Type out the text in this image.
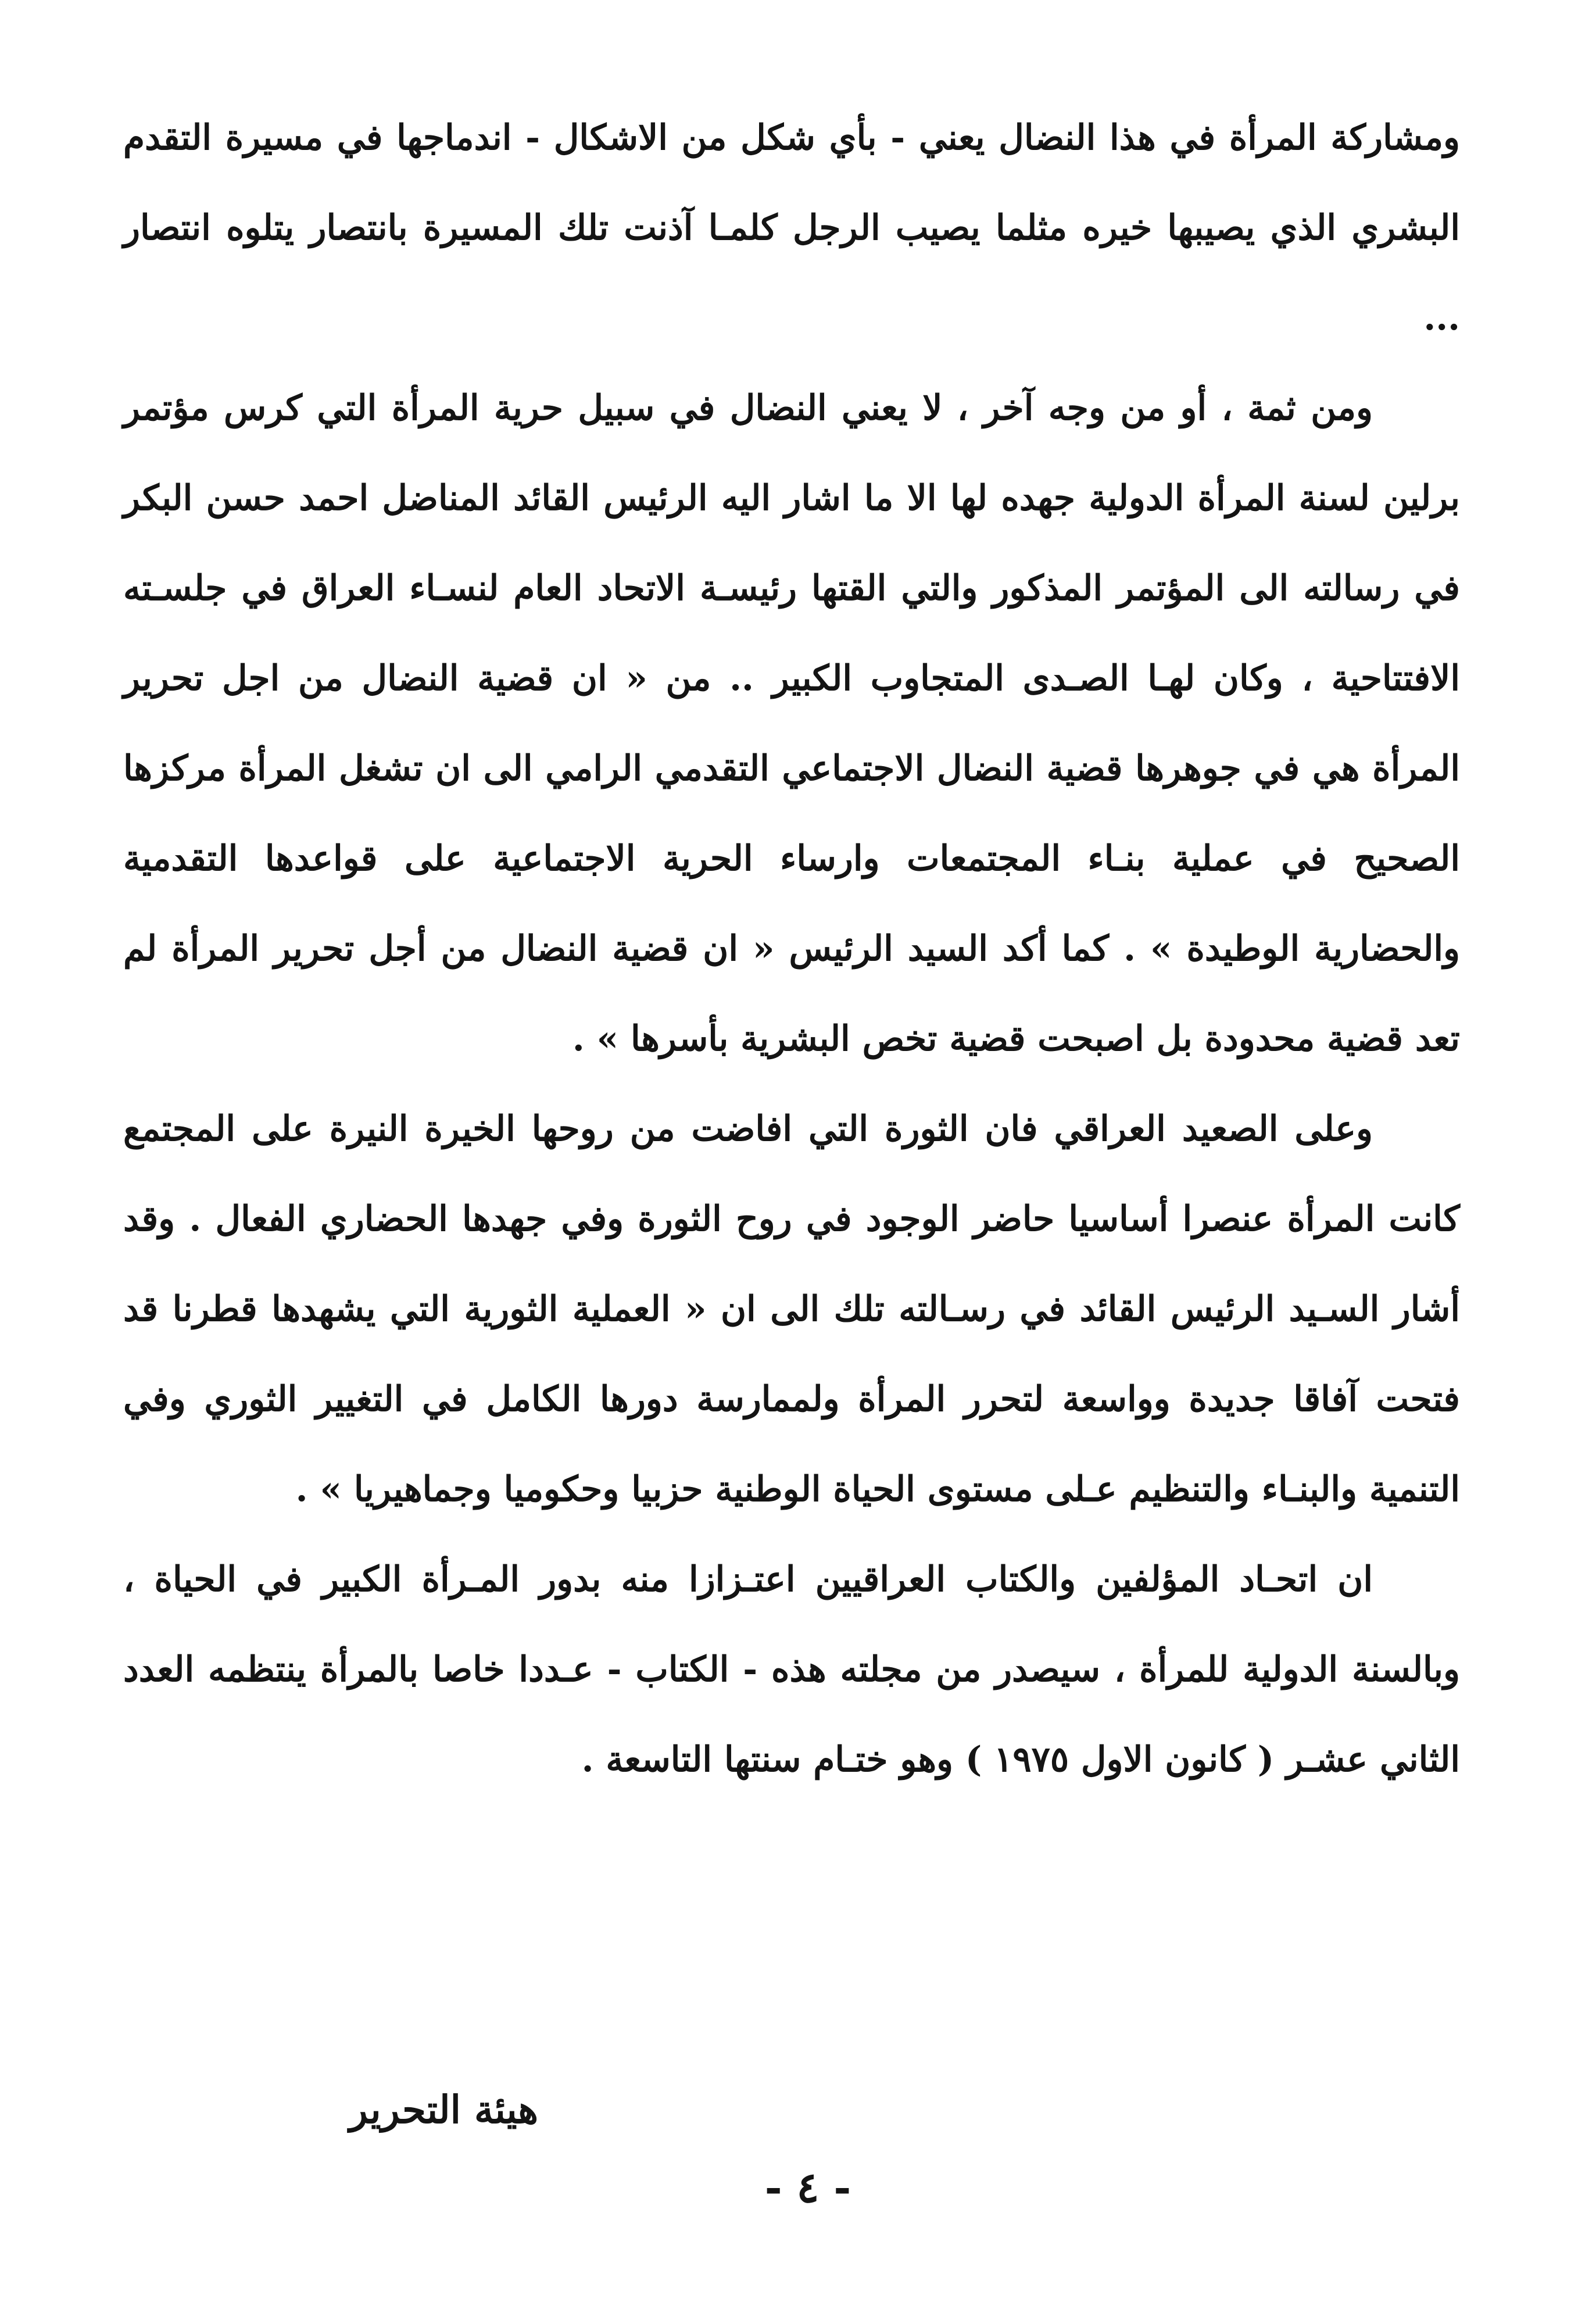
ومشاركة المرأة في هذا النضال يعني - بأي شكل من الاشكال - اندماجها في مسيرة التقدم البشري الذي يصيبها خيره مثلما يصيب الرجل كلمـا آذنت تلك المسيرة بانتصار يتلوه انتصار ...

ومن ثمة ، أو من وجه آخر ، لا يعني النضال في سبيل حرية المرأة التي كرس مؤتمر برلين لسنة المرأة الدولية جهده لها الا ما اشار اليه الرئيس القائد المناضل احمد حسن البكر في رسالته الى المؤتمر المذكور والتي القتها رئيسـة الاتحاد العام لنسـاء العراق في جلسـته الافتتاحية ، وكان لهـا الصـدى المتجاوب الكبير .. من « ان قضية النضال من اجل تحرير المرأة هي في جوهرها قضية النضال الاجتماعي التقدمي الرامي الى ان تشغل المرأة مركزها الصحيح في عملية بنـاء المجتمعات وارساء الحرية الاجتماعية على قواعدها التقدمية والحضارية الوطيدة » . كما أكد السيد الرئيس « ان قضية النضال من أجل تحرير المرأة لم تعد قضية محدودة بل اصبحت قضية تخص البشرية بأسرها » .

وعلى الصعيد العراقي فان الثورة التي افاضت من روحها الخيرة النيرة على المجتمع كانت المرأة عنصرا أساسيا حاضر الوجود في روح الثورة وفي جهدها الحضاري الفعال . وقد أشار السـيد الرئيس القائد في رسـالته تلك الى ان « العملية الثورية التي يشهدها قطرنا قد فتحت آفاقا جديدة وواسعة لتحرر المرأة ولممارسة دورها الكامل في التغيير الثوري وفي التنمية والبنـاء والتنظيم عـلى مستوى الحياة الوطنية حزبيا وحكوميا وجماهيريا » .

ان اتحـاد المؤلفين والكتاب العراقيين اعتـزازا منه بدور المـرأة الكبير في الحياة ، وبالسنة الدولية للمرأة ، سيصدر من مجلته هذه - الكتاب - عـددا خاصا بالمرأة ينتظمه العدد الثاني عشـر ( كانون الاول ١٩٧٥ ) وهو ختـام سنتها التاسعة .

هيئة التحرير
- ٤ -
